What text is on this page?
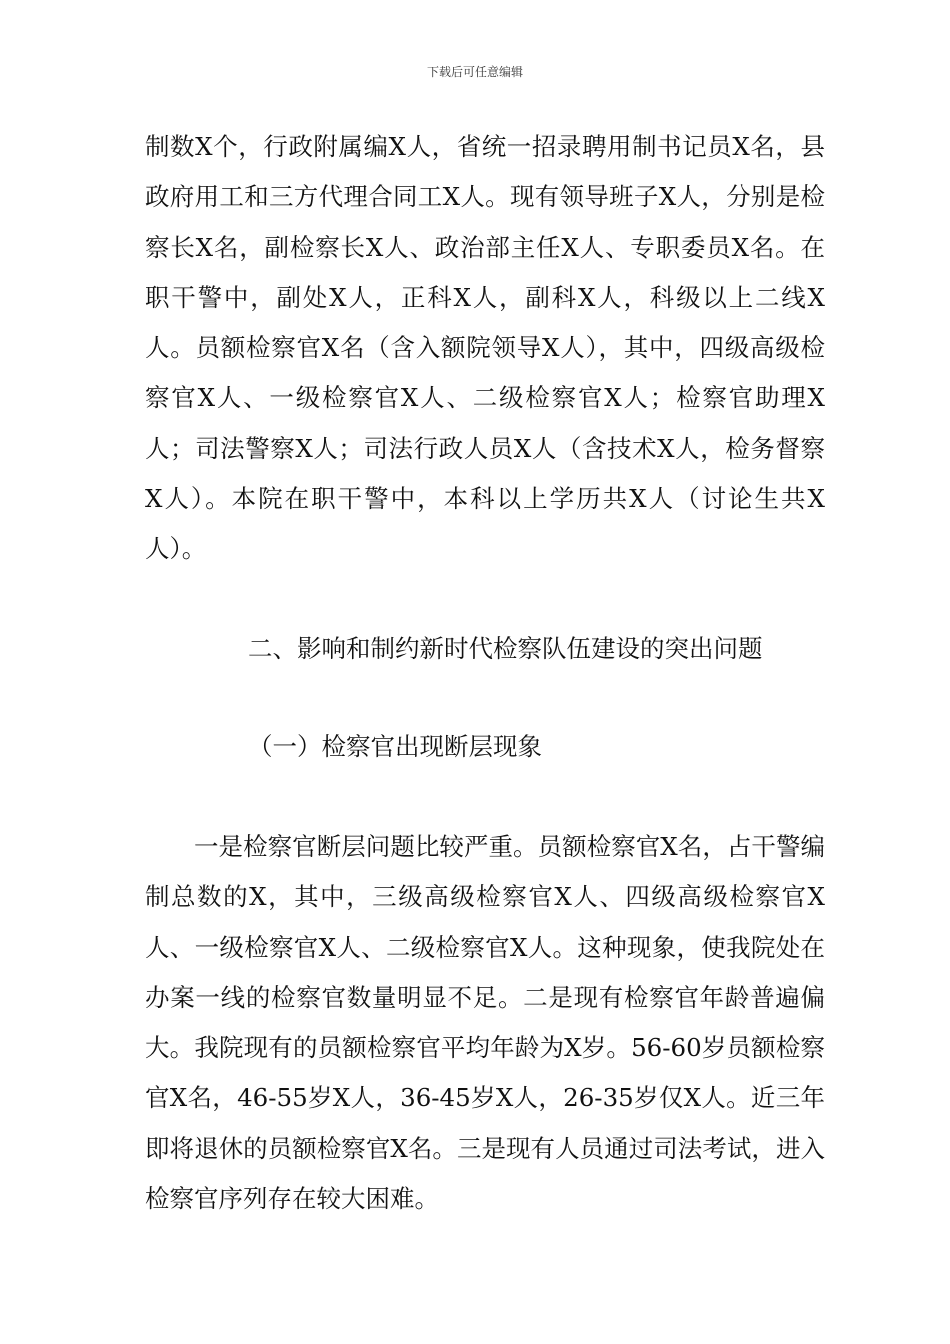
下载后可任意编辑

制数X个，行政附属编X人，省统一招录聘用制书记员X名，县政府用工和三方代理合同工X人。现有领导班子X人，分别是检察长X名，副检察长X人、政治部主任X人、专职委员X名。在职干警中，副处X人，正科X人，副科X人，科级以上二线X人。员额检察官X名（含入额院领导X人），其中，四级高级检察官X人、一级检察官X人、二级检察官X人；检察官助理X人；司法警察X人；司法行政人员X人（含技术X人，检务督察X人）。本院在职干警中，本科以上学历共X人（讨论生共X人）。

二、影响和制约新时代检察队伍建设的突出问题
（一）检察官出现断层现象

一是检察官断层问题比较严重。员额检察官X名，占干警编制总数的X，其中，三级高级检察官X人、四级高级检察官X人、一级检察官X人、二级检察官X人。这种现象，使我院处在办案一线的检察官数量明显不足。二是现有检察官年龄普遍偏大。我院现有的员额检察官平均年龄为X岁。56-60岁员额检察官X名，46-55岁X人，36-45岁X人，26-35岁仅X人。近三年即将退休的员额检察官X名。三是现有人员通过司法考试，进入检察官序列存在较大困难。
